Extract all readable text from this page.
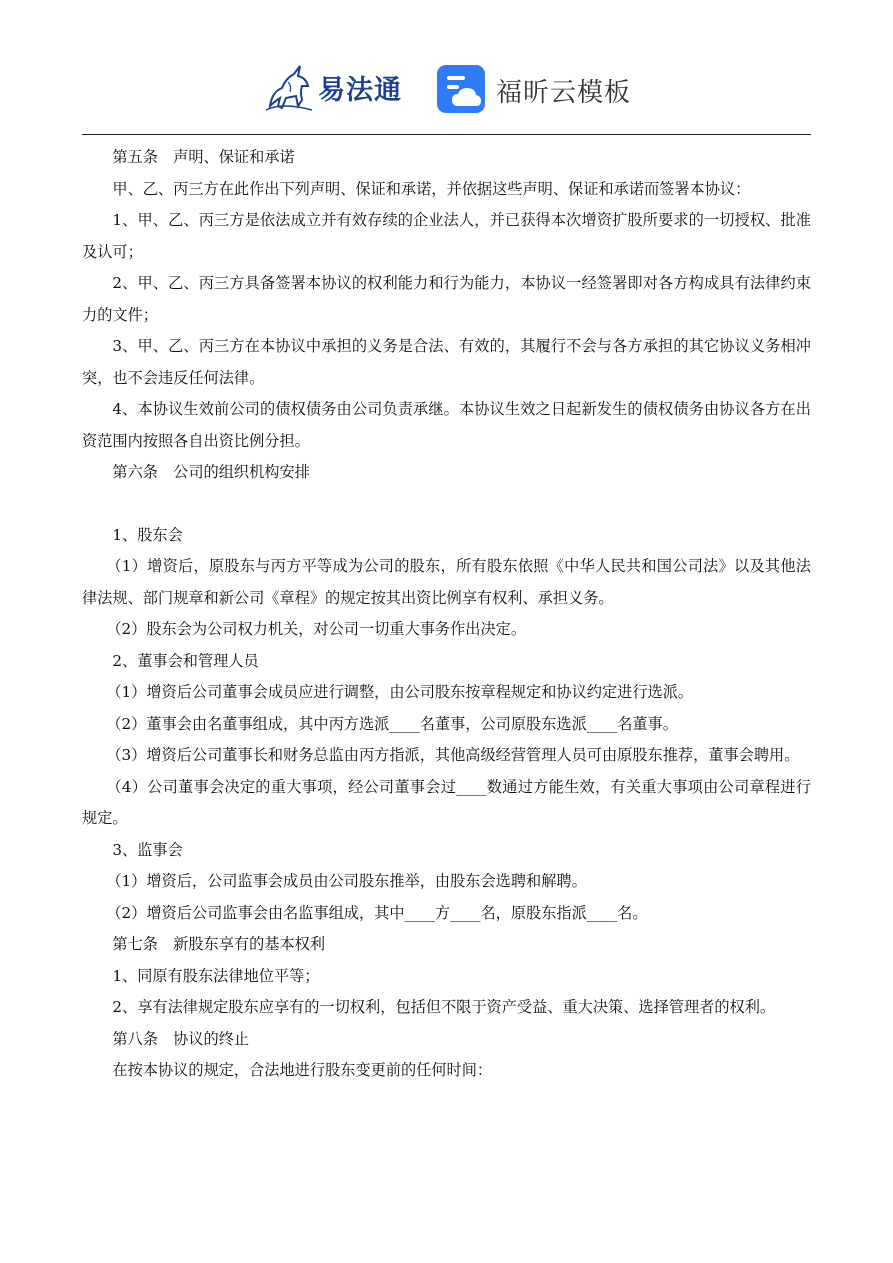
易法通	福昕云模板

第五条　声明、保证和承诺

甲、乙、丙三方在此作出下列声明、保证和承诺，并依据这些声明、保证和承诺而签署本协议：

1、甲、乙、丙三方是依法成立并有效存续的企业法人，并已获得本次增资扩股所要求的一切授权、批准及认可；

2、甲、乙、丙三方具备签署本协议的权利能力和行为能力，本协议一经签署即对各方构成具有法律约束力的文件；

3、甲、乙、丙三方在本协议中承担的义务是合法、有效的，其履行不会与各方承担的其它协议义务相冲突，也不会违反任何法律。

4、本协议生效前公司的债权债务由公司负责承继。本协议生效之日起新发生的债权债务由协议各方在出资范围内按照各自出资比例分担。

第六条　公司的组织机构安排

1、股东会

（1）增资后，原股东与丙方平等成为公司的股东，所有股东依照《中华人民共和国公司法》以及其他法律法规、部门规章和新公司《章程》的规定按其出资比例享有权利、承担义务。

（2）股东会为公司权力机关，对公司一切重大事务作出决定。

2、董事会和管理人员

（1）增资后公司董事会成员应进行调整，由公司股东按章程规定和协议约定进行选派。

（2）董事会由名董事组成，其中丙方选派____名董事，公司原股东选派____名董事。

（3）增资后公司董事长和财务总监由丙方指派，其他高级经营管理人员可由原股东推荐，董事会聘用。

（4）公司董事会决定的重大事项，经公司董事会过____数通过方能生效，有关重大事项由公司章程进行规定。

3、监事会

（1）增资后，公司监事会成员由公司股东推举，由股东会选聘和解聘。

（2）增资后公司监事会由名监事组成，其中____方____名，原股东指派____名。

第七条　新股东享有的基本权利

1、同原有股东法律地位平等；

2、享有法律规定股东应享有的一切权利，包括但不限于资产受益、重大决策、选择管理者的权利。

第八条　协议的终止

在按本协议的规定，合法地进行股东变更前的任何时间：
